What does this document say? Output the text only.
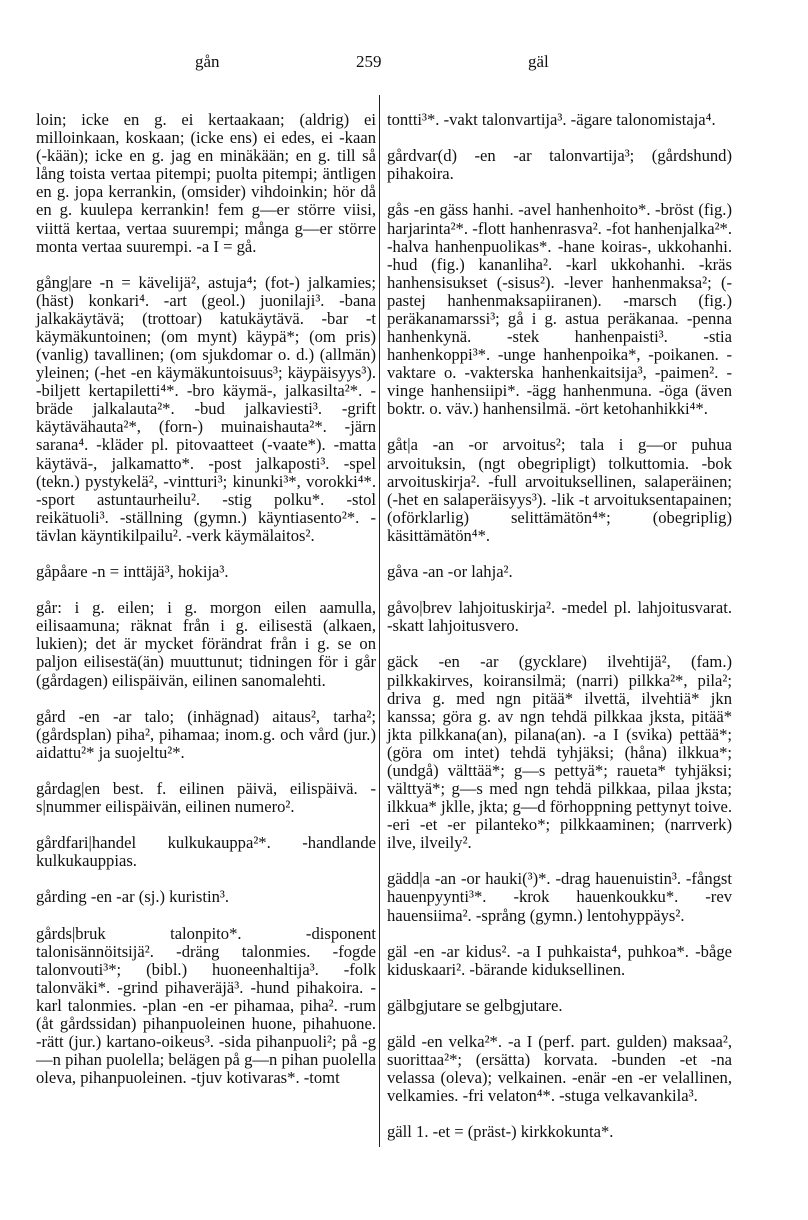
gån	259	gäl

loin; icke en g. ei kertaakaan; (aldrig) ei milloinkaan, koskaan; (icke ens) ei edes, ei -kaan (-kään); icke en g. jag en minäkään; en g. till så lång toista vertaa pitempi; puolta pitempi; äntligen en g. jopa kerrankin, (omsider) vihdoinkin; hör då en g. kuulepa kerrankin! fem g—er större viisi, viittä kertaa, vertaa suurempi; många g—er större monta vertaa suurempi. -a I = gå.

gång|are -n = kävelijä², astuja⁴; (fot-) jalkamies; (häst) konkari⁴. -art (geol.) juonilaji³. -bana jalkakäytävä; (trottoar) katukäytävä. -bar -t käymäkuntoinen; (om mynt) käypä*; (om pris) (vanlig) tavallinen; (om sjukdomar o. d.) (allmän) yleinen; (-het -en käymäkuntoisuus³; käypäisyys³). -biljett kertapiletti⁴*. -bro käymä-, jalkasilta²*. -bräde jalkalauta²*. -bud jalkaviesti³. -grift käytävähauta²*, (forn-) muinaishauta²*. -järn sarana⁴. -kläder pl. pitovaatteet (-vaate*). -matta käytävä-, jalkamatto*. -post jalkaposti³. -spel (tekn.) pystykelä², -vintturi³; kinunki³*, vorokki⁴*. -sport astuntaurheilu². -stig polku*. -stol reikätuoli³. -ställning (gymn.) käyntiasento²*. -tävlan käyntikilpailu². -verk käymälaitos².

gåpåare -n = inttäjä³, hokija³.

går: i g. eilen; i g. morgon eilen aamulla, eilisaamuna; räknat från i g. eilisestä (alkaen, lukien); det är mycket förändrat från i g. se on paljon eilisestä(än) muuttunut; tidningen för i går (gårdagen) eilispäivän, eilinen sanomalehti.

gård -en -ar talo; (inhägnad) aitaus², tarha²; (gårdsplan) piha², pihamaa; inom.g. och vård (jur.) aidattu²* ja suojeltu²*.

gårdag|en best. f. eilinen päivä, eilispäivä. -s|nummer eilispäivän, eilinen numero².

gårdfari|handel kulkukauppa²*. -handlande kulkukauppias.

gårding -en -ar (sj.) kuristin³.

gårds|bruk talonpito*. -disponent talonisännöitsijä². -dräng talonmies. -fogde talonvouti³*; (bibl.) huoneenhaltija³. -folk talonväki*. -grind pihaveräjä³. -hund pihakoira. -karl talonmies. -plan -en -er pihamaa, piha². -rum (åt gårdssidan) pihanpuoleinen huone, pihahuone. -rätt (jur.) kartano-oikeus³. -sida pihanpuoli²; på -g—n pihan puolella; belägen på g—n pihan puolella oleva, pihanpuoleinen. -tjuv kotivaras*. -tomt

tontti³*. -vakt talonvartija³. -ägare talonomistaja⁴.

gårdvar(d) -en -ar talonvartija³; (gårdshund) pihakoira.

gås -en gäss hanhi. -avel hanhenhoito*. -bröst (fig.) harjarinta²*. -flott hanhenrasva². -fot hanhenjalka²*. -halva hanhenpuolikas*. -hane koiras-, ukkohanhi. -hud (fig.) kananliha². -karl ukkohanhi. -kräs hanhensisukset (-sisus²). -lever hanhenmaksa²; (-pastej hanhenmaksapiiranen). -marsch (fig.) peräkanamarssi³; gå i g. astua peräkanaa. -penna hanhenkynä. -stek hanhenpaisti³. -stia hanhenkoppi³*. -unge hanhenpoika*, -poikanen. -vaktare o. -vakterska hanhenkaitsija³, -paimen². -vinge hanhensiipi*. -ägg hanhenmuna. -öga (även boktr. o. väv.) hanhensilmä. -ört ketohanhikki⁴*.

gåt|a -an -or arvoitus²; tala i g—or puhua arvoituksin, (ngt obegripligt) tolkuttomia. -bok arvoituskirja². -full arvoituksellinen, salaperäinen; (-het en salaperäisyys³). -lik -t arvoituksentapainen; (oförklarlig) selittämätön⁴*; (obegriplig) käsittämätön⁴*.

gåva -an -or lahja².

gåvo|brev lahjoituskirja². -medel pl. lahjoitusvarat. -skatt lahjoitusvero.

gäck -en -ar (gycklare) ilvehtijä², (fam.) pilkkakirves, koiransilmä; (narri) pilkka²*, pila²; driva g. med ngn pitää* ilvettä, ilvehtiä* jkn kanssa; göra g. av ngn tehdä pilkkaa jksta, pitää* jkta pilkkana(an), pilana(an). -a I (svika) pettää*; (göra om intet) tehdä tyhjäksi; (håna) ilkkua*; (undgå) välttää*; g—s pettyä*; raueta* tyhjäksi; välttyä*; g—s med ngn tehdä pilkkaa, pilaa jksta; ilkkua* jklle, jkta; g—d förhoppning pettynyt toive. -eri -et -er pilanteko*; pilkkaaminen; (narrverk) ilve, ilveily².

gädd|a -an -or hauki(³)*. -drag hauenuistin³. -fångst hauenpyynti³*. -krok hauenkoukku*. -rev hauensiima². -språng (gymn.) lentohyppäys².

gäl -en -ar kidus². -a I puhkaista⁴, puhkoa*. -båge kiduskaari². -bärande kiduksellinen.

gälbgjutare se gelbgjutare.

gäld -en velka²*. -a I (perf. part. gulden) maksaa², suorittaa²*; (ersätta) korvata. -bunden -et -na velassa (oleva); velkainen. -enär -en -er velallinen, velkamies. -fri velaton⁴*. -stuga velkavankila³.

gäll 1. -et = (präst-) kirkkokunta*.
